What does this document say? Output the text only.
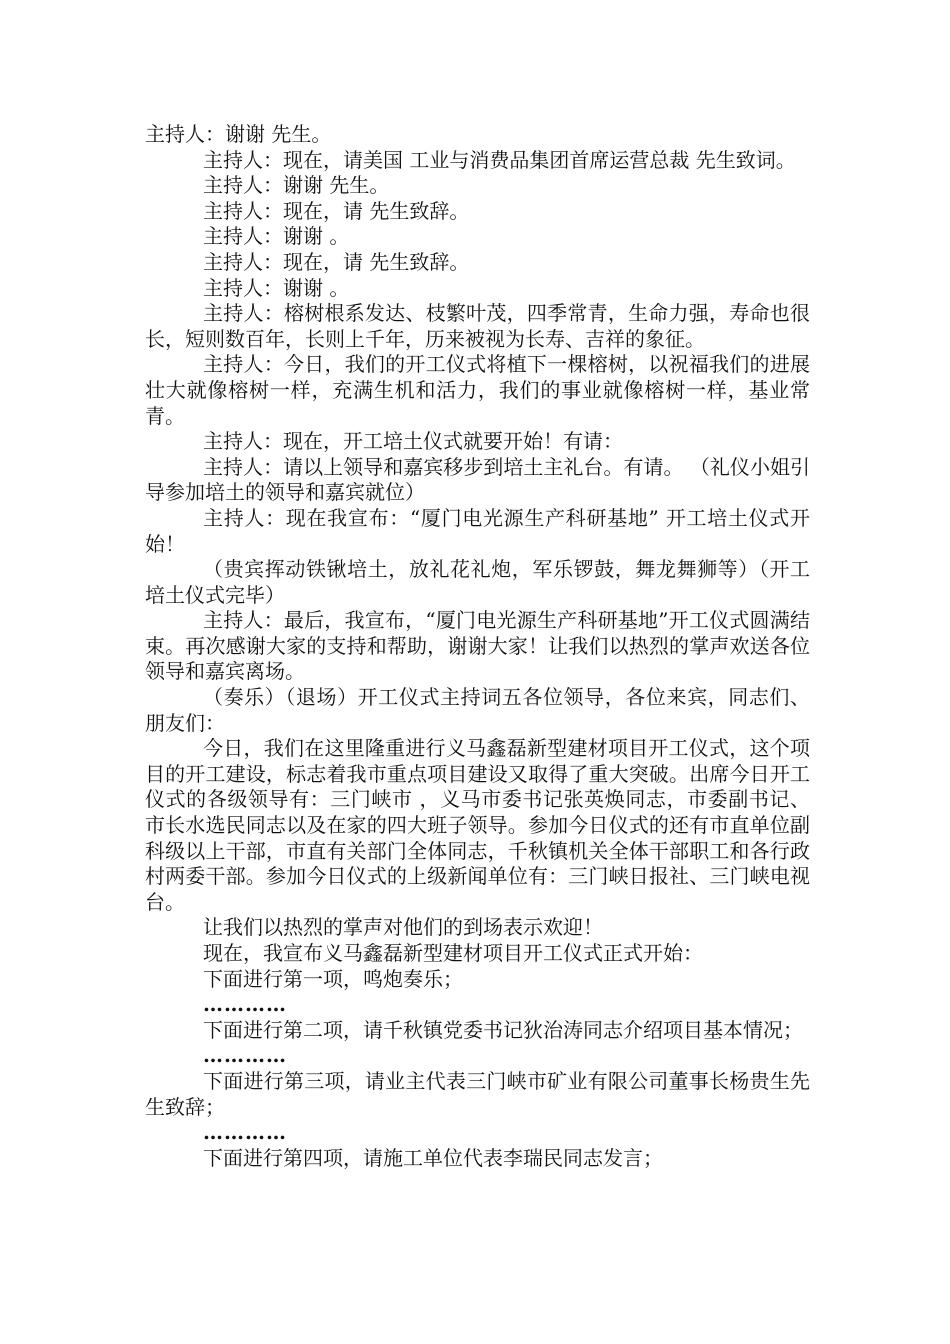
主持人：谢谢 先生。

主持人：现在，请美国 工业与消费品集团首席运营总裁 先生致词。

主持人：谢谢 先生。

主持人：现在，请 先生致辞。

主持人：谢谢 。

主持人：现在，请 先生致辞。

主持人：谢谢 。

主持人：榕树根系发达、枝繁叶茂，四季常青，生命力强，寿命也很长，短则数百年，长则上千年，历来被视为长寿、吉祥的象征。

主持人：今日，我们的开工仪式将植下一棵榕树，以祝福我们的进展壮大就像榕树一样，充满生机和活力，我们的事业就像榕树一样，基业常青。

主持人：现在，开工培土仪式就要开始！有请：

主持人：请以上领导和嘉宾移步到培土主礼台。有请。 （礼仪小姐引导参加培土的领导和嘉宾就位）

主持人：现在我宣布：“厦门电光源生产科研基地” 开工培土仪式开始！

（贵宾挥动铁锹培土，放礼花礼炮，军乐锣鼓，舞龙舞狮等）（开工培土仪式完毕）

主持人：最后，我宣布，“厦门电光源生产科研基地”开工仪式圆满结束。再次感谢大家的支持和帮助，谢谢大家！让我们以热烈的掌声欢送各位领导和嘉宾离场。

（奏乐）（退场）开工仪式主持词五各位领导，各位来宾，同志们、朋友们：

今日，我们在这里隆重进行义马鑫磊新型建材项目开工仪式，这个项目的开工建设，标志着我市重点项目建设又取得了重大突破。出席今日开工仪式的各级领导有：三门峡市 ，义马市委书记张英焕同志，市委副书记、市长水选民同志以及在家的四大班子领导。参加今日仪式的还有市直单位副科级以上干部，市直有关部门全体同志，千秋镇机关全体干部职工和各行政村两委干部。参加今日仪式的上级新闻单位有：三门峡日报社、三门峡电视台。

让我们以热烈的掌声对他们的到场表示欢迎！

现在，我宣布义马鑫磊新型建材项目开工仪式正式开始：

下面进行第一项，鸣炮奏乐；

…………

下面进行第二项，请千秋镇党委书记狄治涛同志介绍项目基本情况；

…………

下面进行第三项，请业主代表三门峡市矿业有限公司董事长杨贵生先生致辞；

…………

下面进行第四项，请施工单位代表李瑞民同志发言；
